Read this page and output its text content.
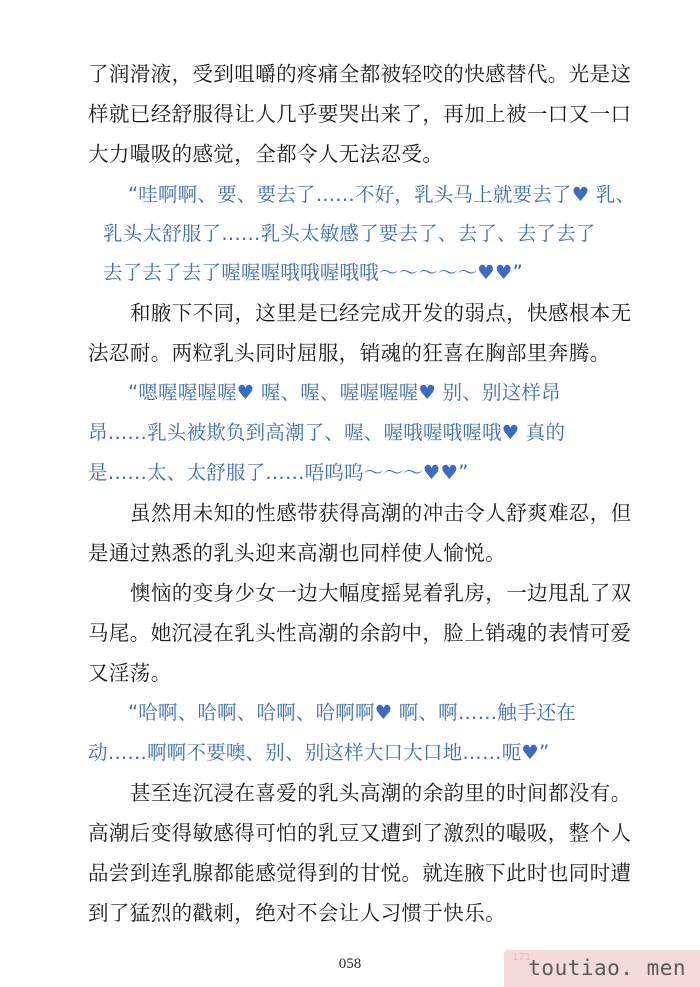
了润滑液，受到咀嚼的疼痛全都被轻咬的快感替代。光是这
样就已经舒服得让人几乎要哭出来了，再加上被一口又一口
大力嘬吸的感觉，全都令人无法忍受。
“哇啊啊、要、要去了……不好，乳头马上就要去了♥ 乳、
乳头太舒服了……乳头太敏感了要去了、去了、去了去了
去了去了去了喔喔喔哦哦喔哦哦～～～～～♥♥”
和腋下不同，这里是已经完成开发的弱点，快感根本无
法忍耐。两粒乳头同时屈服，销魂的狂喜在胸部里奔腾。
“嗯喔喔喔喔♥ 喔、喔、喔喔喔喔♥ 别、别这样昂
昂……乳头被欺负到高潮了、喔、喔哦喔哦喔哦♥ 真的
是……太、太舒服了……唔呜呜～～～♥♥”
虽然用未知的性感带获得高潮的冲击令人舒爽难忍，但
是通过熟悉的乳头迎来高潮也同样使人愉悦。
懊恼的变身少女一边大幅度摇晃着乳房，一边甩乱了双
马尾。她沉浸在乳头性高潮的余韵中，脸上销魂的表情可爱
又淫荡。
“哈啊、哈啊、哈啊、哈啊啊♥ 啊、啊……触手还在
动……啊啊不要噢、别、别这样大口大口地……呃♥”
甚至连沉浸在喜爱的乳头高潮的余韵里的时间都没有。
高潮后变得敏感得可怕的乳豆又遭到了激烈的嘬吸，整个人
品尝到连乳腺都能感觉得到的甘悦。就连腋下此时也同时遭
到了猛烈的戳刺，绝对不会让人习惯于快乐。
058	171
toutiao. men
